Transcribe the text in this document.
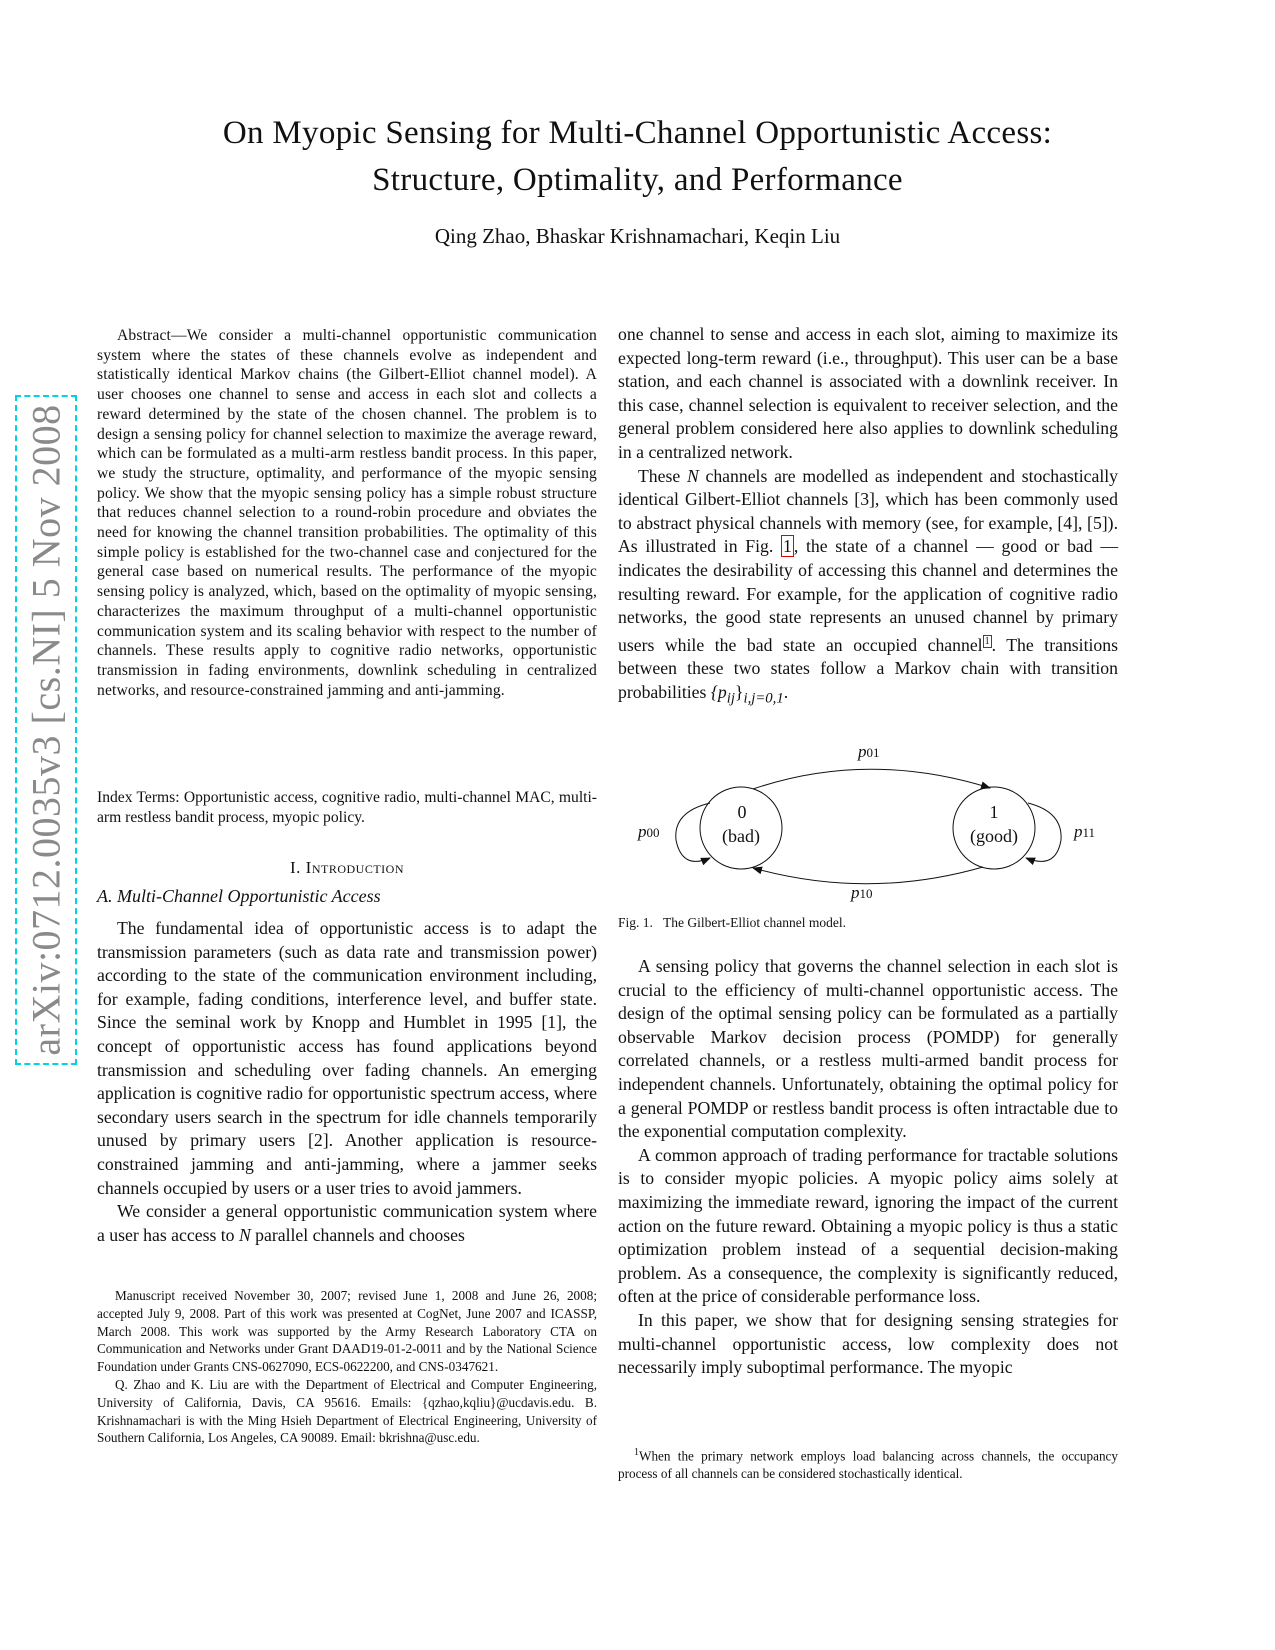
arXiv:0712.0035v3 [cs.NI] 5 Nov 2008
On Myopic Sensing for Multi-Channel Opportunistic Access:
Structure, Optimality, and Performance
Qing Zhao, Bhaskar Krishnamachari, Keqin Liu

Abstract—We consider a multi-channel opportunistic communication system where the states of these channels evolve as independent and statistically identical Markov chains (the Gilbert-Elliot channel model). A user chooses one channel to sense and access in each slot and collects a reward determined by the state of the chosen channel. The problem is to design a sensing policy for channel selection to maximize the average reward, which can be formulated as a multi-arm restless bandit process. In this paper, we study the structure, optimality, and performance of the myopic sensing policy. We show that the myopic sensing policy has a simple robust structure that reduces channel selection to a round-robin procedure and obviates the need for knowing the channel transition probabilities. The optimality of this simple policy is established for the two-channel case and conjectured for the general case based on numerical results. The performance of the myopic sensing policy is analyzed, which, based on the optimality of myopic sensing, characterizes the maximum throughput of a multi-channel opportunistic communication system and its scaling behavior with respect to the number of channels. These results apply to cognitive radio networks, opportunistic transmission in fading environments, downlink scheduling in centralized networks, and resource-constrained jamming and anti-jamming.

Index Terms: Opportunistic access, cognitive radio, multi-channel MAC, multi-arm restless bandit process, myopic policy.

I. Introduction
A. Multi-Channel Opportunistic Access

The fundamental idea of opportunistic access is to adapt the transmission parameters (such as data rate and transmission power) according to the state of the communication environment including, for example, fading conditions, interference level, and buffer state. Since the seminal work by Knopp and Humblet in 1995 [1], the concept of opportunistic access has found applications beyond transmission and scheduling over fading channels. An emerging application is cognitive radio for opportunistic spectrum access, where secondary users search in the spectrum for idle channels temporarily unused by primary users [2]. Another application is resource-constrained jamming and anti-jamming, where a jammer seeks channels occupied by users or a user tries to avoid jammers.

We consider a general opportunistic communication system where a user has access to N parallel channels and chooses

Manuscript received November 30, 2007; revised June 1, 2008 and June 26, 2008; accepted July 9, 2008. Part of this work was presented at CogNet, June 2007 and ICASSP, March 2008. This work was supported by the Army Research Laboratory CTA on Communication and Networks under Grant DAAD19-01-2-0011 and by the National Science Foundation under Grants CNS-0627090, ECS-0622200, and CNS-0347621.

Q. Zhao and K. Liu are with the Department of Electrical and Computer Engineering, University of California, Davis, CA 95616. Emails: {qzhao,kqliu}@ucdavis.edu. B. Krishnamachari is with the Ming Hsieh Department of Electrical Engineering, University of Southern California, Los Angeles, CA 90089. Email: bkrishna@usc.edu.

one channel to sense and access in each slot, aiming to maximize its expected long-term reward (i.e., throughput). This user can be a base station, and each channel is associated with a downlink receiver. In this case, channel selection is equivalent to receiver selection, and the general problem considered here also applies to downlink scheduling in a centralized network.

These N channels are modelled as independent and stochastically identical Gilbert-Elliot channels [3], which has been commonly used to abstract physical channels with memory (see, for example, [4], [5]). As illustrated in Fig. 1 , the state of a channel — good or bad — indicates the desirability of accessing this channel and determines the resulting reward. For example, for the application of cognitive radio networks, the good state represents an unused channel by primary users while the bad state an occupied channel $^1$ . The transitions between these two states follow a Markov chain with transition probabilities $\{p_{ij}\}_{i,j=0,1}$.

0
(bad)
1
(good)
p01
p10
p00	p11
Fig. 1. The Gilbert-Elliot channel model.

A sensing policy that governs the channel selection in each slot is crucial to the efficiency of multi-channel opportunistic access. The design of the optimal sensing policy can be formulated as a partially observable Markov decision process (POMDP) for generally correlated channels, or a restless multi-armed bandit process for independent channels. Unfortunately, obtaining the optimal policy for a general POMDP or restless bandit process is often intractable due to the exponential computation complexity.

A common approach of trading performance for tractable solutions is to consider myopic policies. A myopic policy aims solely at maximizing the immediate reward, ignoring the impact of the current action on the future reward. Obtaining a myopic policy is thus a static optimization problem instead of a sequential decision-making problem. As a consequence, the complexity is significantly reduced, often at the price of considerable performance loss.

In this paper, we show that for designing sensing strategies for multi-channel opportunistic access, low complexity does not necessarily imply suboptimal performance. The myopic

$^1$When the primary network employs load balancing across channels, the occupancy process of all channels can be considered stochastically identical.
